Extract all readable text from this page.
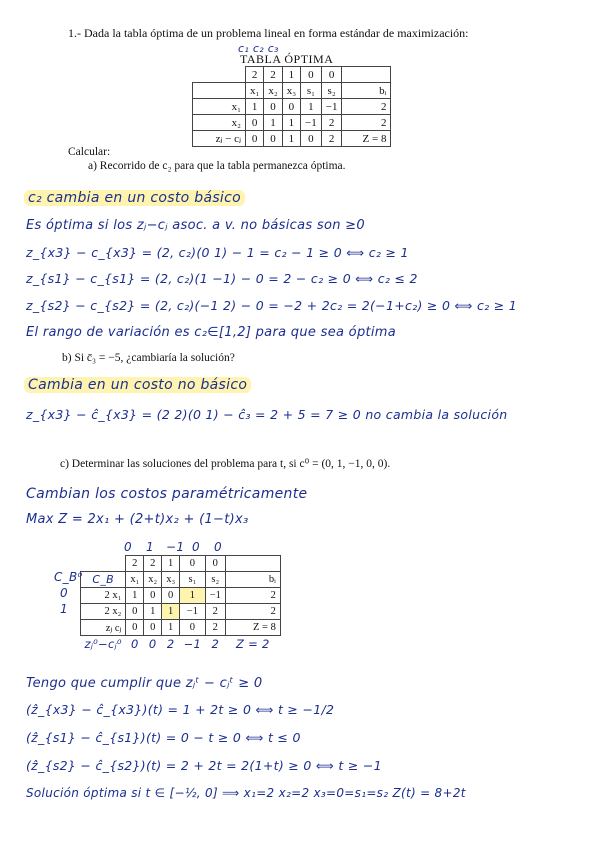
1.- Dada la tabla óptima de un problema lineal en forma estándar de maximización:
c₁ c₂ c₃
TABLA ÓPTIMA
	2	2	1	0	0	
	x₁	x₂	x₃	s₁	s₂	bᵢ
x₁	1	0	0	1	−1	2
x₂	0	1	1	−1	2	2
zⱼ − cⱼ	0	0	1	0	2	Z = 8
Calcular:
a) Recorrido de c₂ para que la tabla permanezca óptima.
c₂ cambia en un costo básico
Es óptima si los zⱼ−cⱼ asoc. a v. no básicas son ≥0
z_{x3} − c_{x3} = (2, c₂)(0 1) − 1 = c₂ − 1 ≥ 0 ⟺ c₂ ≥ 1
z_{s1} − c_{s1} = (2, c₂)(1 −1) − 0 = 2 − c₂ ≥ 0 ⟺ c₂ ≤ 2
z_{s2} − c_{s2} = (2, c₂)(−1 2) − 0 = −2 + 2c₂ = 2(−1+c₂) ≥ 0 ⟺ c₂ ≥ 1
El rango de variación es c₂∈[1,2] para que sea óptima
b) Si c̄₃ = −5, ¿cambiaría la solución?
Cambia en un costo no básico
z_{x3} − ĉ_{x3} = (2 2)(0 1) − ĉ₃ = 2 + 5 = 7 ≥ 0 no cambia la solución
c) Determinar las soluciones del problema para t, si c⁰ = (0, 1, −1, 0, 0).
Cambian los costos paramétricamente
Max Z = 2x₁ + (2+t)x₂ + (1−t)x₃
0 1 −1 0 0
C_B⁰
0
1
	2	2	1	0	0	
C_B	x₁	x₂	x₃	s₁	s₂	bᵢ
2 x₁	1	0	0	1	−1	2
2 x₂	0	1	1	−1	2	2
zⱼ cⱼ	0	0	1	0	2	Z = 8
zⱼ⁰−cⱼ⁰	0	0	2	−1	2	Z = 2
Tengo que cumplir que zⱼᵗ − cⱼᵗ ≥ 0
(ẑ_{x3} − ĉ_{x3})(t) = 1 + 2t ≥ 0 ⟺ t ≥ −1/2
(ẑ_{s1} − ĉ_{s1})(t) = 0 − t ≥ 0 ⟺ t ≤ 0
(ẑ_{s2} − ĉ_{s2})(t) = 2 + 2t = 2(1+t) ≥ 0 ⟺ t ≥ −1
Solución óptima si t ∈ [−½, 0] ⟹ x₁=2 x₂=2 x₃=0=s₁=s₂ Z(t) = 8+2t
